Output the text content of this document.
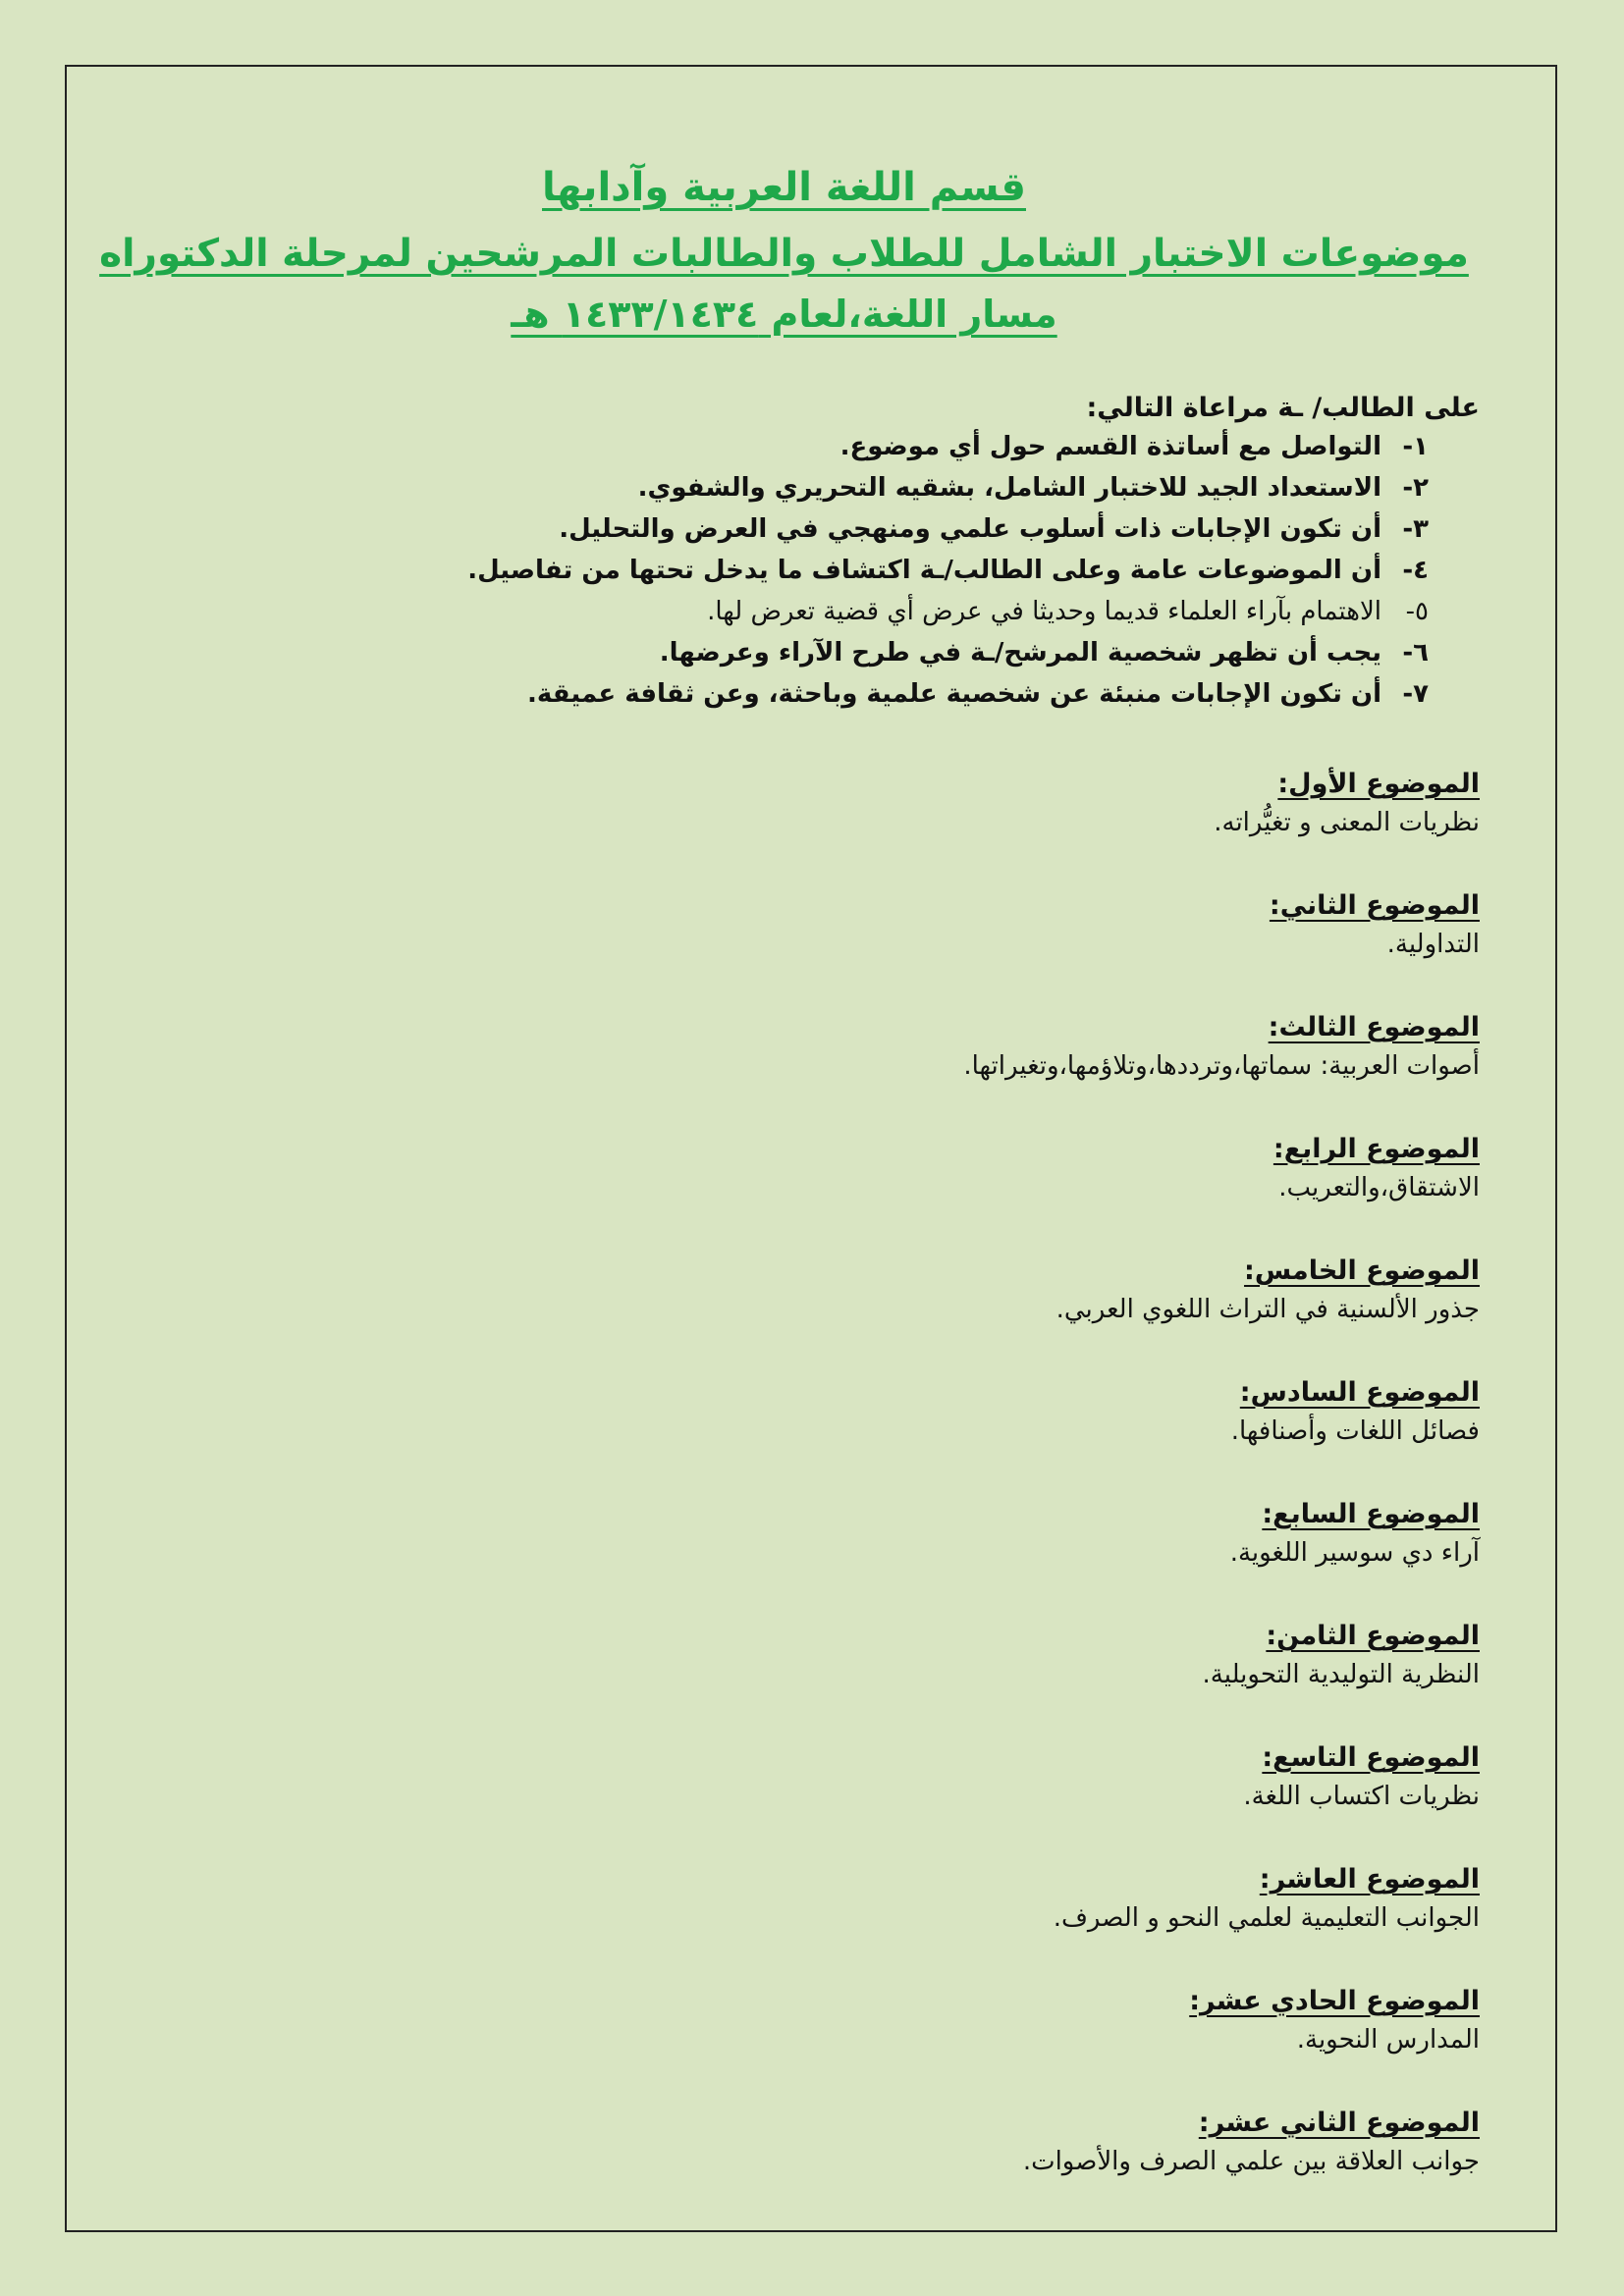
قسم اللغة العربية وآدابها
موضوعات الاختبار الشامل للطلاب والطالبات المرشحين لمرحلة الدكتوراه
مسار اللغة،لعام ١٤٣٣/١٤٣٤ هـ

على الطالب/ ـة مراعاة التالي:

١-
التواصل مع أساتذة القسم حول أي موضوع.
٢-
الاستعداد الجيد للاختبار الشامل، بشقيه التحريري والشفوي.
٣-
أن تكون الإجابات ذات أسلوب علمي ومنهجي في العرض والتحليل.
٤-
أن الموضوعات عامة وعلى الطالب/ـة اكتشاف ما يدخل تحتها من تفاصيل.
٥-
الاهتمام بآراء العلماء قديما وحديثا في عرض أي قضية تعرض لها.
٦-
يجب أن تظهر شخصية المرشح/ـة في طرح الآراء وعرضها.
٧-
أن تكون الإجابات منبئة عن شخصية علمية وباحثة، وعن ثقافة عميقة.
الموضوع الأول:
نظريات المعنى و تغيُّراته.
الموضوع الثاني:
التداولية.
الموضوع الثالث:
أصوات العربية: سماتها،وترددها،وتلاؤمها،وتغيراتها.
الموضوع الرابع:
الاشتقاق،والتعريب.
الموضوع الخامس:
جذور الألسنية في التراث اللغوي العربي.
الموضوع السادس:
فصائل اللغات وأصنافها.
الموضوع السابع:
آراء دي سوسير اللغوية.
الموضوع الثامن:
النظرية التوليدية التحويلية.
الموضوع التاسع:
نظريات اكتساب اللغة.
الموضوع العاشر:
الجوانب التعليمية لعلمي النحو و الصرف.
الموضوع الحادي عشر:
المدارس النحوية.
الموضوع الثاني عشر:
جوانب العلاقة بين علمي الصرف والأصوات.
